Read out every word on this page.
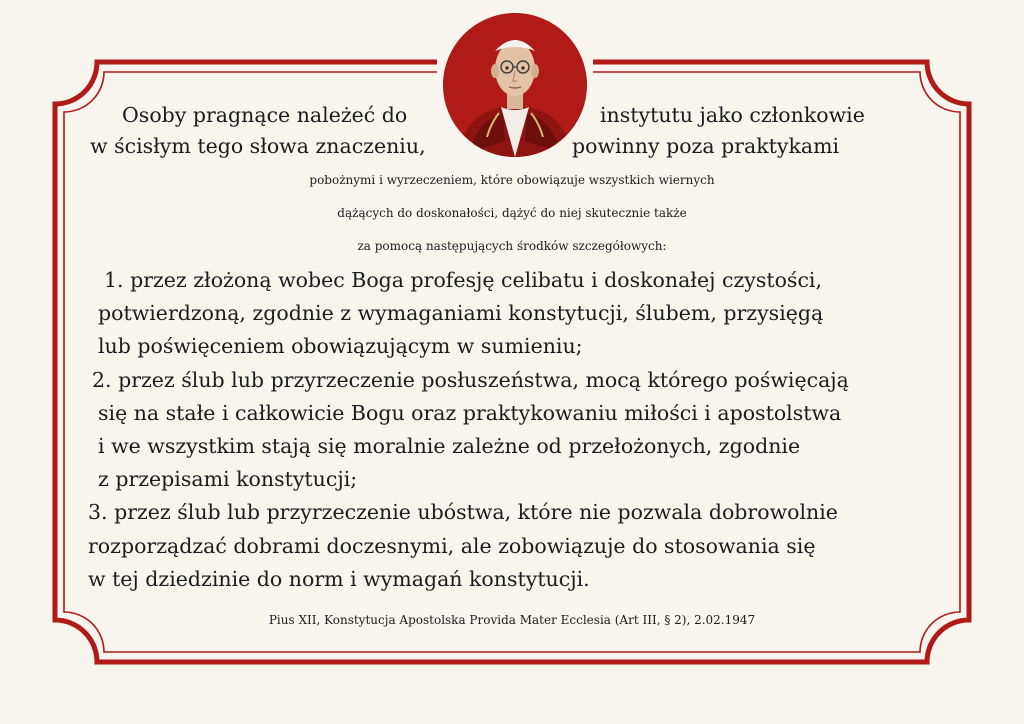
Osoby pragnące należeć do	instytutu jako członkowie
w ścisłym tego słowa znaczeniu,	powinny poza praktykami
pobożnymi i wyrzeczeniem, które obowiązuje wszystkich wiernych
dążących do doskonałości, dążyć do niej skutecznie także
za pomocą następujących środków szczegółowych:
1. przez złożoną wobec Boga profesję celibatu i doskonałej czystości,
potwierdzoną, zgodnie z wymaganiami konstytucji, ślubem, przysięgą
lub poświęceniem obowiązującym w sumieniu;
2. przez ślub lub przyrzeczenie posłuszeństwa, mocą którego poświęcają
się na stałe i całkowicie Bogu oraz praktykowaniu miłości i apostolstwa
i we wszystkim stają się moralnie zależne od przełożonych, zgodnie
z przepisami konstytucji;
3. przez ślub lub przyrzeczenie ubóstwa, które nie pozwala dobrowolnie
rozporządzać dobrami doczesnymi, ale zobowiązuje do stosowania się
w tej dziedzinie do norm i wymagań konstytucji.
Pius XII, Konstytucja Apostolska Provida Mater Ecclesia (Art III, § 2), 2.02.1947
